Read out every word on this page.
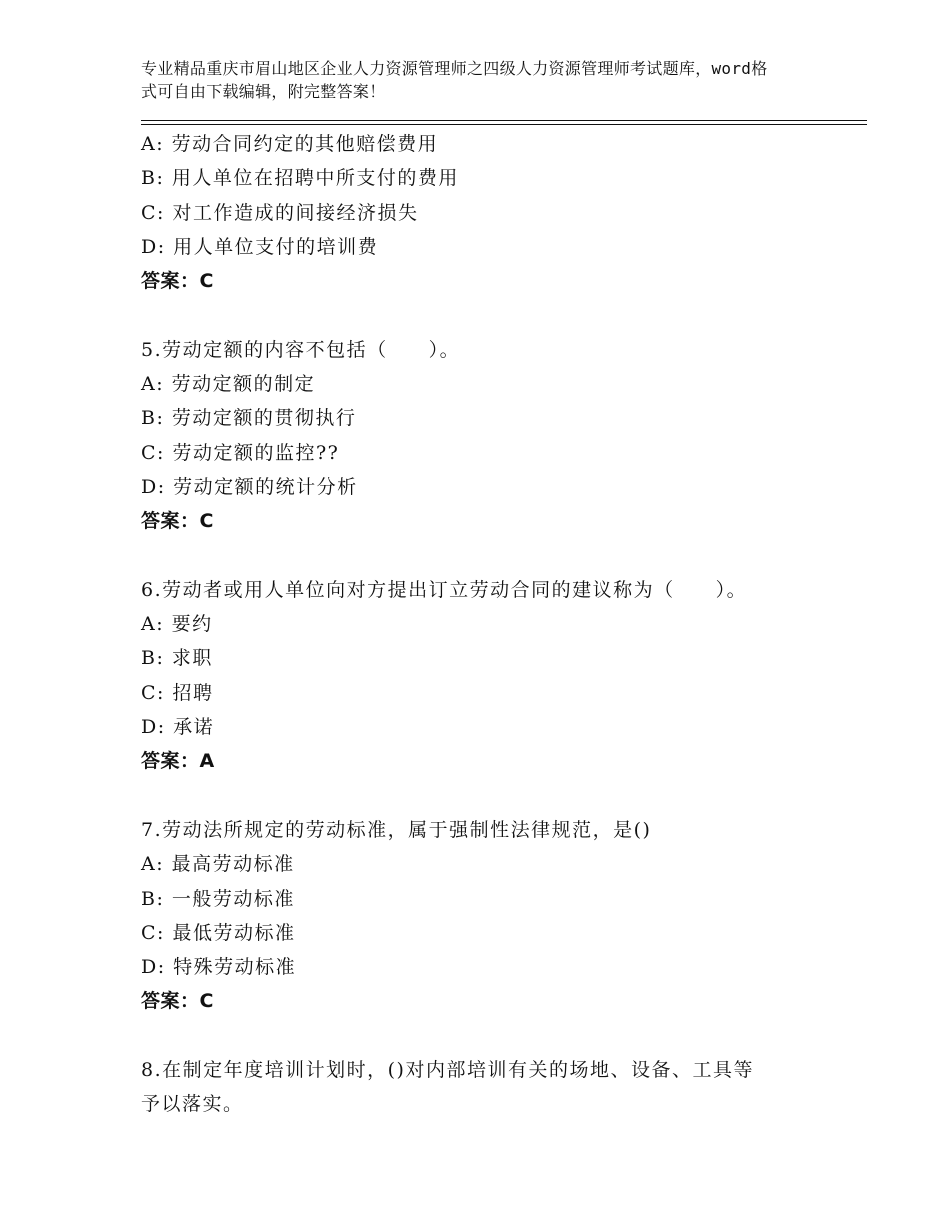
专业精品重庆市眉山地区企业人力资源管理师之四级人力资源管理师考试题库，word格式可自由下载编辑，附完整答案！
A: 劳动合同约定的其他赔偿费用
B: 用人单位在招聘中所支付的费用
C: 对工作造成的间接经济损失
D: 用人单位支付的培训费
答案：C
5.劳动定额的内容不包括（　　）。
A: 劳动定额的制定
B: 劳动定额的贯彻执行
C: 劳动定额的监控??
D: 劳动定额的统计分析
答案：C
6.劳动者或用人单位向对方提出订立劳动合同的建议称为（　　）。
A: 要约
B: 求职
C: 招聘
D: 承诺
答案：A
7.劳动法所规定的劳动标准，属于强制性法律规范，是()
A: 最高劳动标准
B: 一般劳动标准
C: 最低劳动标准
D: 特殊劳动标准
答案：C
8.在制定年度培训计划时，()对内部培训有关的场地、设备、工具等
予以落实。
